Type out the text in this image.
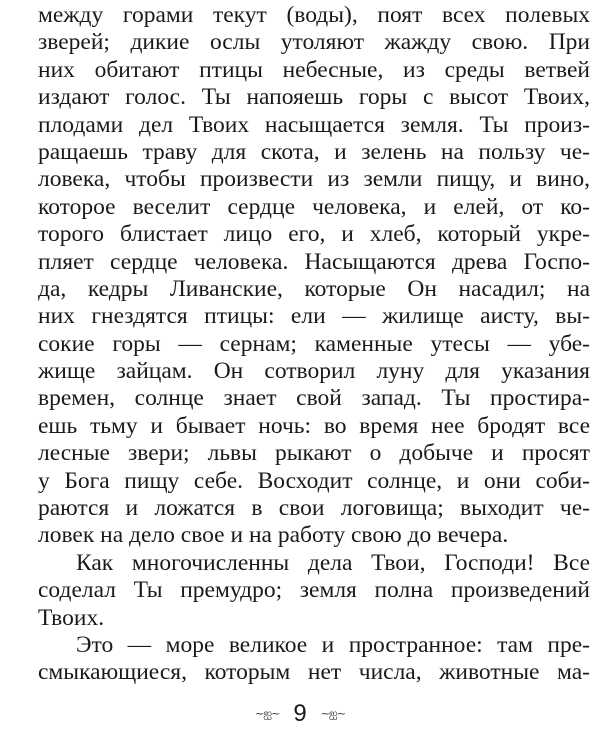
между горами текут (воды), поят всех полевых
зверей; дикие ослы утоляют жажду свою. При
них обитают птицы небесные, из среды ветвей
издают голос. Ты напояешь горы с высот Твоих,
плодами дел Твоих насыщается земля. Ты произ-
ращаешь траву для скота, и зелень на пользу че-
ловека, чтобы произвести из земли пищу, и вино,
которое веселит сердце человека, и елей, от ко-
торого блистает лицо его, и хлеб, который укре-
пляет сердце человека. Насыщаются древа Госпо-
да, кедры Ливанские, которые Он насадил; на
них гнездятся птицы: ели — жилище аисту, вы-
сокие горы — сернам; каменные утесы — убе-
жище зайцам. Он сотворил луну для указания
времен, солнце знает свой запад. Ты простира-
ешь тьму и бывает ночь: во время нее бродят все
лесные звери; львы рыкают о добыче и просят
у Бога пищу себе. Восходит солнце, и они соби-
раются и ложатся в свои логовища; выходит че-
ловек на дело свое и на работу свою до вечера.
Как многочисленны дела Твои, Господи! Все
соделал Ты премудро; земля полна произведений
Твоих.
Это — море великое и пространное: там пре-
смыкающиеся, которым нет числа, животные ма-
~ஐ~ 9 ~ஐ~
